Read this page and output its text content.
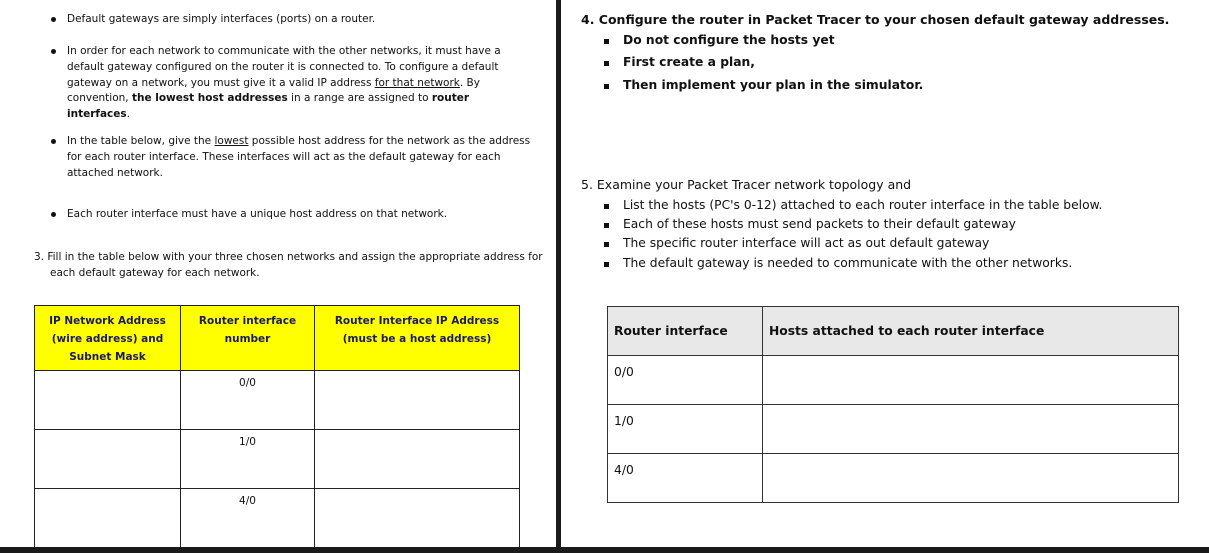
Default gateways are simply interfaces (ports) on a router.
In order for each network to communicate with the other networks, it must have a default gateway configured on the router it is connected to. To configure a default gateway on a network, you must give it a valid IP address for that network. By convention, the lowest host addresses in a range are assigned to router interfaces.
In the table below, give the lowest possible host address for the network as the address for each router interface. These interfaces will act as the default gateway for each attached network.
Each router interface must have a unique host address on that network.
3. Fill in the table below with your three chosen networks and assign the appropriate address for each default gateway for each network.
IP Network Address (wire address) and Subnet Mask	Router interface number	Router Interface IP Address (must be a host address)
	0/0	
	1/0	
	4/0	
4. Configure the router in Packet Tracer to your chosen default gateway addresses.
Do not configure the hosts yet
First create a plan,
Then implement your plan in the simulator.
5. Examine your Packet Tracer network topology and
List the hosts (PC's 0-12) attached to each router interface in the table below.
Each of these hosts must send packets to their default gateway
The specific router interface will act as out default gateway
The default gateway is needed to communicate with the other networks.
Router interface	Hosts attached to each router interface
0/0	
1/0	
4/0	
